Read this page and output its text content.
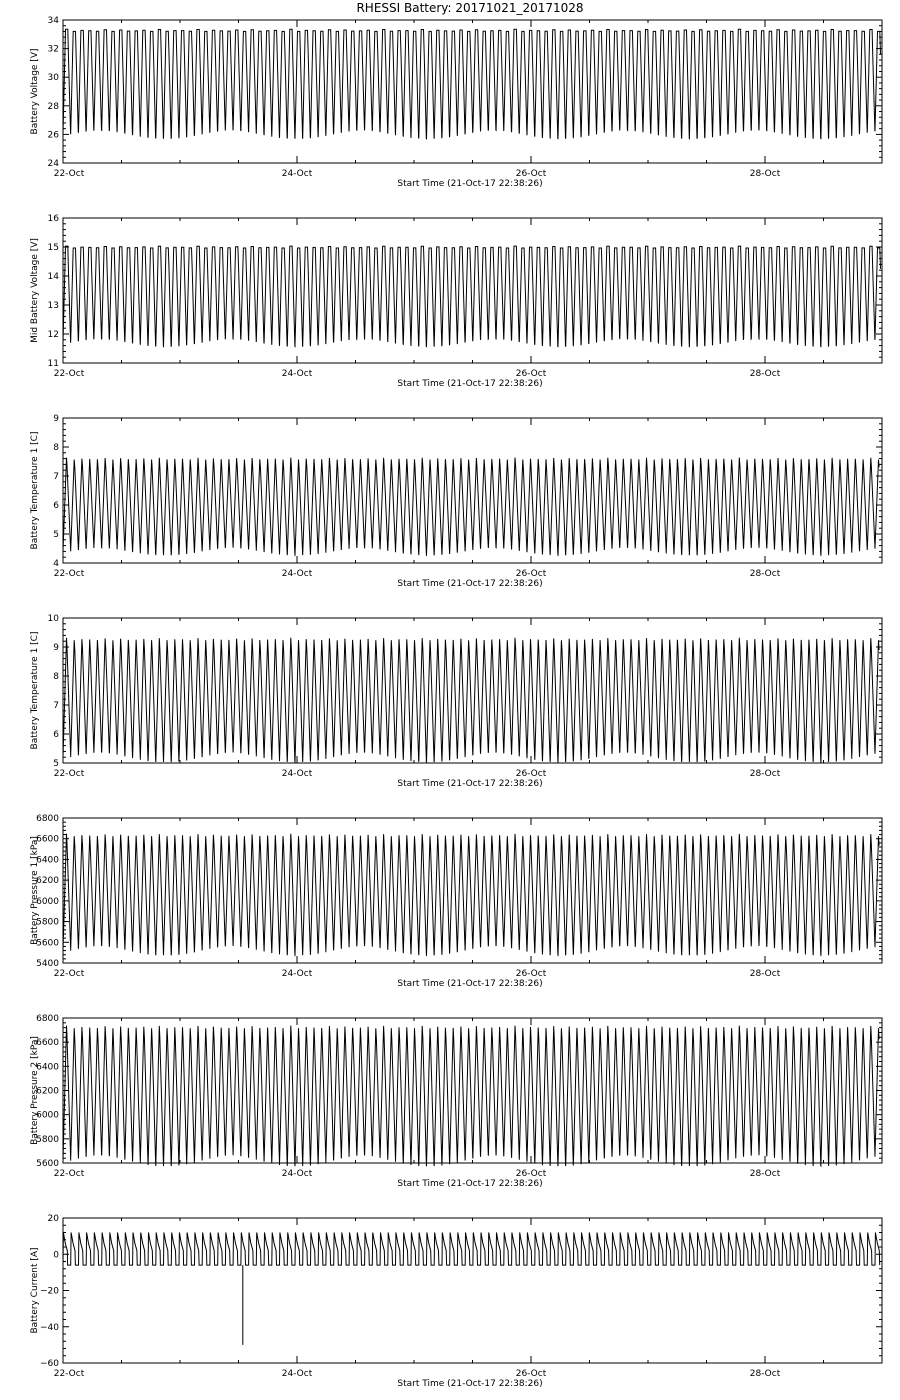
RHESSI Battery: 20171021_20171028
24
26
28
30
32
34
22-Oct	24-Oct	26-Oct	28-Oct
Start Time (21-Oct-17 22:38:26)
Battery Voltage [V]
11
12
13
14
15
16
22-Oct	24-Oct	26-Oct	28-Oct
Start Time (21-Oct-17 22:38:26)
Mid Battery Voltage [V]
4
5
6
7
8
9
22-Oct	24-Oct	26-Oct	28-Oct
Start Time (21-Oct-17 22:38:26)
Battery Temperature 1 [C]
5
6
7
8
9
10
22-Oct	24-Oct	26-Oct	28-Oct
Start Time (21-Oct-17 22:38:26)
Battery Temperature 1 [C]
5400
5600
5800
6000
6200
6400
6600
6800
22-Oct	24-Oct	26-Oct	28-Oct
Start Time (21-Oct-17 22:38:26)
Battery Pressure 1 [kPa]
5600
5800
6000
6200
6400
6600
6800
22-Oct	24-Oct	26-Oct	28-Oct
Start Time (21-Oct-17 22:38:26)
Battery Pressure 2 [kPa]
−60
−40
−20
0
20
22-Oct	24-Oct	26-Oct	28-Oct
Start Time (21-Oct-17 22:38:26)
Battery Current [A]
